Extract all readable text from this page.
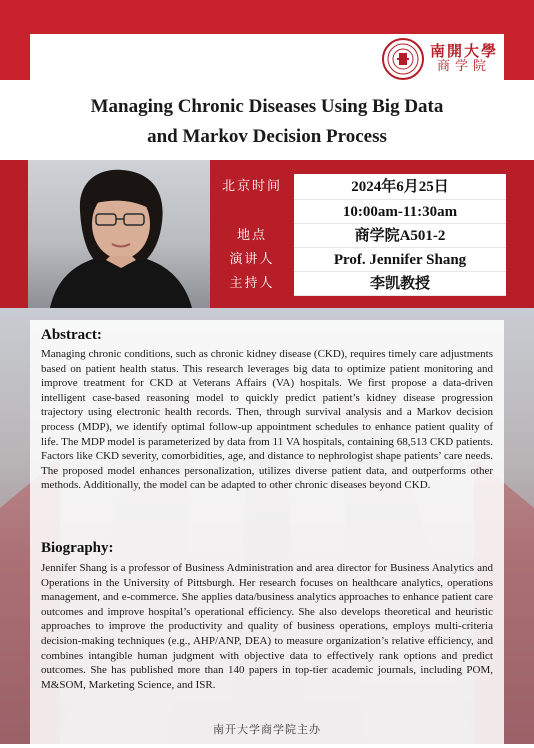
南開大學
商学院
Managing Chronic Diseases Using Big Data
and Markov Decision Process
北京时间	2024年6月25日
10:00am-11:30am
地点	商学院A501-2
演讲人	Prof. Jennifer Shang
主持人	李凯教授
Abstract:
Managing chronic conditions, such as chronic kidney disease (CKD), requires timely care adjustments based on patient health status. This research leverages big data to optimize patient monitoring and improve treatment for CKD at Veterans Affairs (VA) hospitals. We first propose a data-driven intelligent case-based reasoning model to quickly predict patient’s kidney disease progression trajectory using electronic health records. Then, through survival analysis and a Markov decision process (MDP), we identify optimal follow-up appointment schedules to enhance patient quality of life. The MDP model is parameterized by data from 11 VA hospitals, containing 68,513 CKD patients. Factors like CKD severity, comorbidities, age, and distance to nephrologist shape patients’ care needs. The proposed model enhances personalization, utilizes diverse patient data, and outperforms other methods. Additionally, the model can be adapted to other chronic diseases beyond CKD.
Biography:
Jennifer Shang is a professor of Business Administration and area director for Business Analytics and Operations in the University of Pittsburgh. Her research focuses on healthcare analytics, operations management, and e-commerce. She applies data/business analytics approaches to enhance patient care outcomes and improve hospital’s operational efficiency. She also develops theoretical and heuristic approaches to improve the productivity and quality of business operations, employs multi-criteria decision-making techniques (e.g., AHP/ANP, DEA) to measure organization’s relative efficiency, and combines intangible human judgment with objective data to effectively rank options and predict outcomes. She has published more than 140 papers in top-tier academic journals, including POM, M&SOM, Marketing Science, and ISR.
南开大学商学院主办
